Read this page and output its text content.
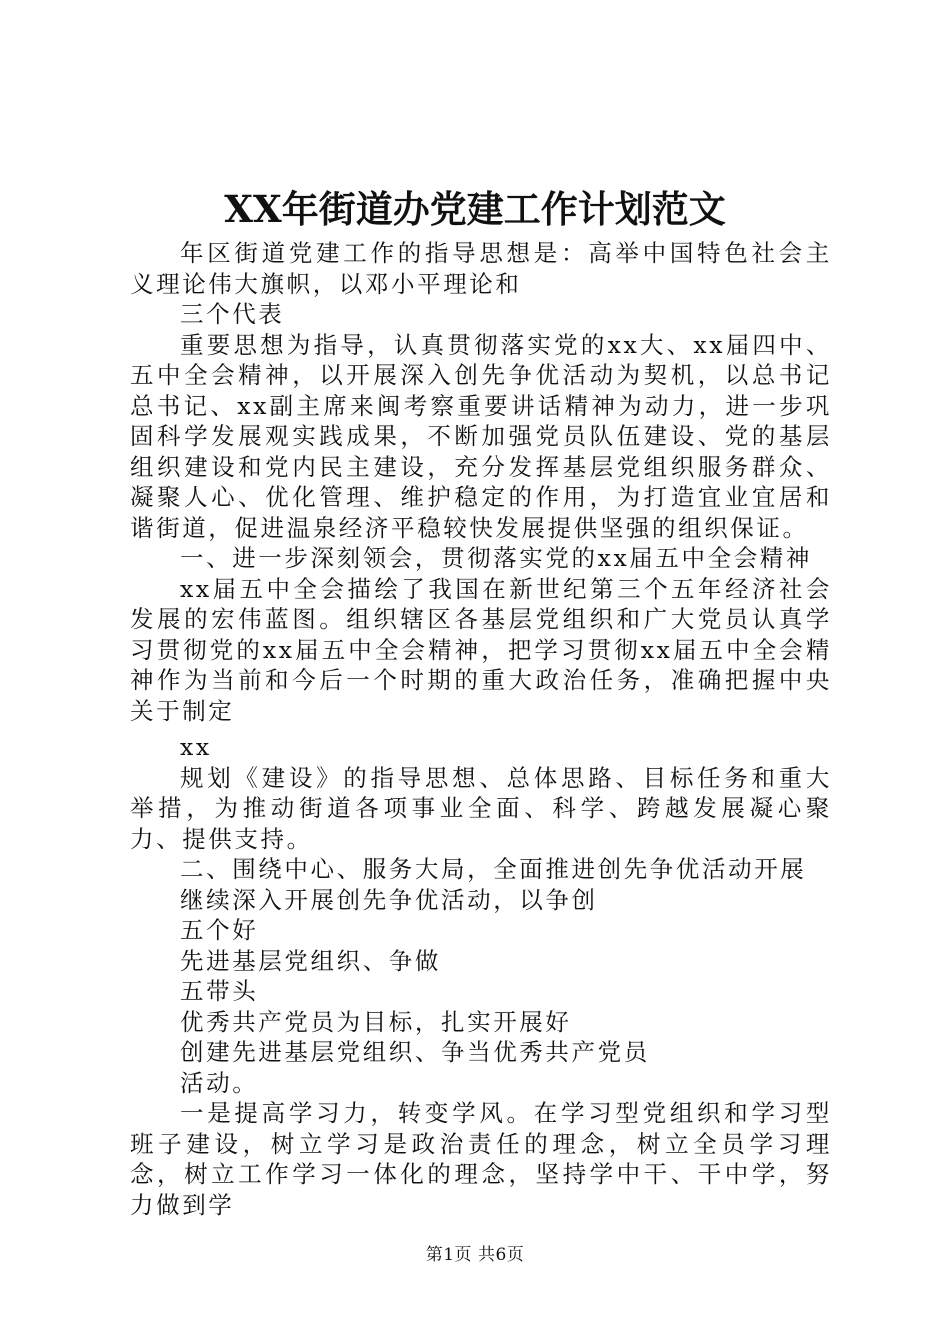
XX年街道办党建工作计划范文

年区街道党建工作的指导思想是：高举中国特色社会主义理论伟大旗帜，以邓小平理论和

三个代表

重要思想为指导，认真贯彻落实党的xx大、xx届四中、五中全会精神，以开展深入创先争优活动为契机，以总书记总书记、xx副主席来闽考察重要讲话精神为动力，进一步巩固科学发展观实践成果，不断加强党员队伍建设、党的基层组织建设和党内民主建设，充分发挥基层党组织服务群众、凝聚人心、优化管理、维护稳定的作用，为打造宜业宜居和谐街道，促进温泉经济平稳较快发展提供坚强的组织保证。

一、进一步深刻领会，贯彻落实党的xx届五中全会精神

xx届五中全会描绘了我国在新世纪第三个五年经济社会发展的宏伟蓝图。组织辖区各基层党组织和广大党员认真学习贯彻党的xx届五中全会精神，把学习贯彻xx届五中全会精神作为当前和今后一个时期的重大政治任务，准确把握中央关于制定

xx

规划《建设》的指导思想、总体思路、目标任务和重大举措，为推动街道各项事业全面、科学、跨越发展凝心聚力、提供支持。

二、围绕中心、服务大局，全面推进创先争优活动开展

继续深入开展创先争优活动，以争创

五个好

先进基层党组织、争做

五带头

优秀共产党员为目标，扎实开展好

创建先进基层党组织、争当优秀共产党员

活动。

一是提高学习力，转变学风。在学习型党组织和学习型班子建设，树立学习是政治责任的理念，树立全员学习理念，树立工作学习一体化的理念，坚持学中干、干中学，努力做到学

第1页 共6页
